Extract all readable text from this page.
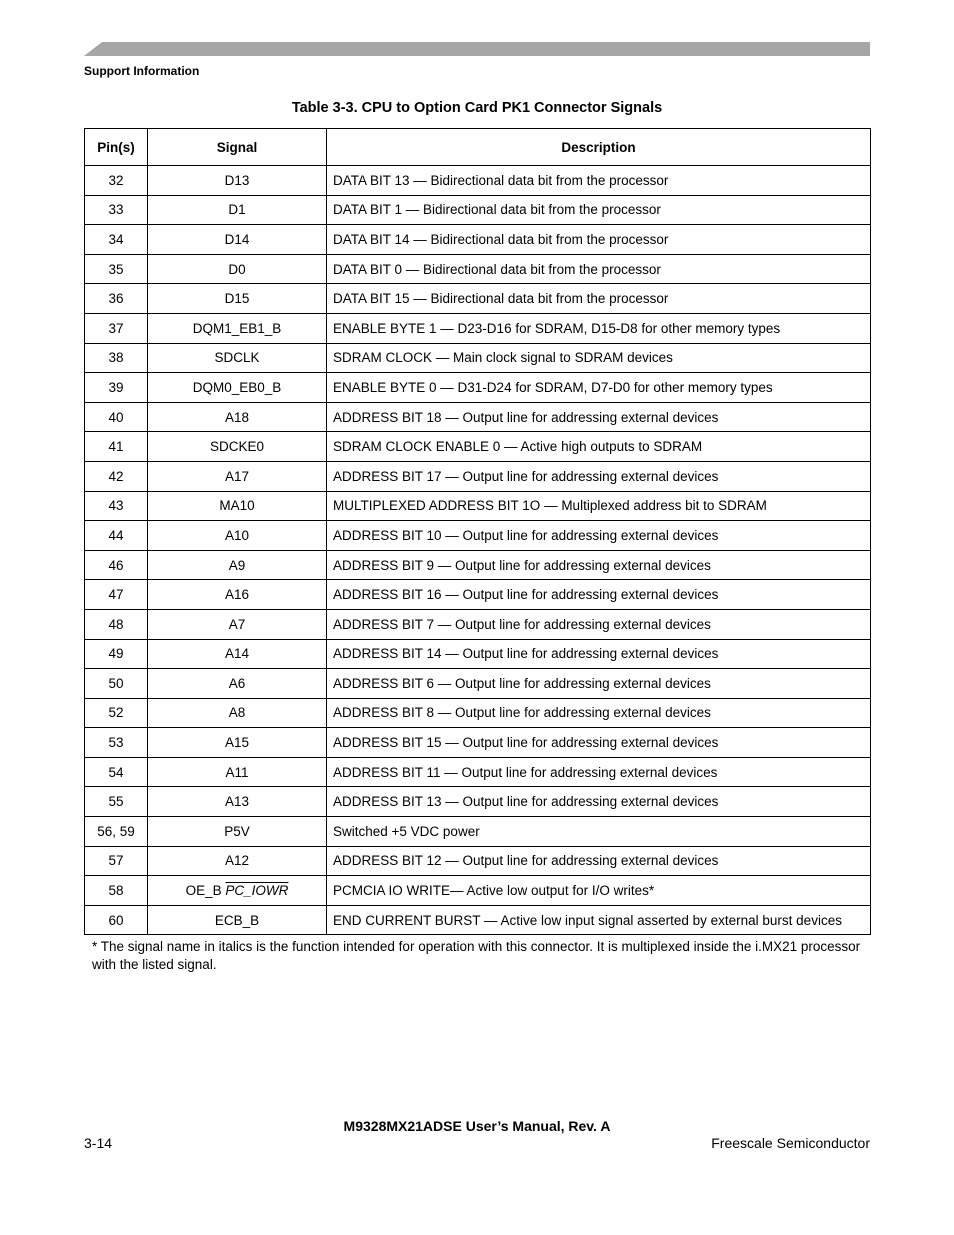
Support Information
Table 3-3. CPU to Option Card PK1 Connector Signals
Pin(s)	Signal	Description
32	D13	DATA BIT 13 — Bidirectional data bit from the processor
33	D1	DATA BIT 1 — Bidirectional data bit from the processor
34	D14	DATA BIT 14 — Bidirectional data bit from the processor
35	D0	DATA BIT 0 — Bidirectional data bit from the processor
36	D15	DATA BIT 15 — Bidirectional data bit from the processor
37	DQM1_EB1_B	ENABLE BYTE 1 — D23-D16 for SDRAM, D15-D8 for other memory types
38	SDCLK	SDRAM CLOCK — Main clock signal to SDRAM devices
39	DQM0_EB0_B	ENABLE BYTE 0 — D31-D24 for SDRAM, D7-D0 for other memory types
40	A18	ADDRESS BIT 18 — Output line for addressing external devices
41	SDCKE0	SDRAM CLOCK ENABLE 0 — Active high outputs to SDRAM
42	A17	ADDRESS BIT 17 — Output line for addressing external devices
43	MA10	MULTIPLEXED ADDRESS BIT 1O — Multiplexed address bit to SDRAM
44	A10	ADDRESS BIT 10 — Output line for addressing external devices
46	A9	ADDRESS BIT 9 — Output line for addressing external devices
47	A16	ADDRESS BIT 16 — Output line for addressing external devices
48	A7	ADDRESS BIT 7 — Output line for addressing external devices
49	A14	ADDRESS BIT 14 — Output line for addressing external devices
50	A6	ADDRESS BIT 6 — Output line for addressing external devices
52	A8	ADDRESS BIT 8 — Output line for addressing external devices
53	A15	ADDRESS BIT 15 — Output line for addressing external devices
54	A11	ADDRESS BIT 11 — Output line for addressing external devices
55	A13	ADDRESS BIT 13 — Output line for addressing external devices
56, 59	P5V	Switched +5 VDC power
57	A12	ADDRESS BIT 12 — Output line for addressing external devices
58	OE_B PC_IOWR	PCMCIA IO WRITE— Active low output for I/O writes*
60	ECB_B	END CURRENT BURST — Active low input signal asserted by external burst devices
* The signal name in italics is the function intended for operation with this connector. It is multiplexed inside the i.MX21 processor with the listed signal.
M9328MX21ADSE User’s Manual, Rev. A
3-14	Freescale Semiconductor
